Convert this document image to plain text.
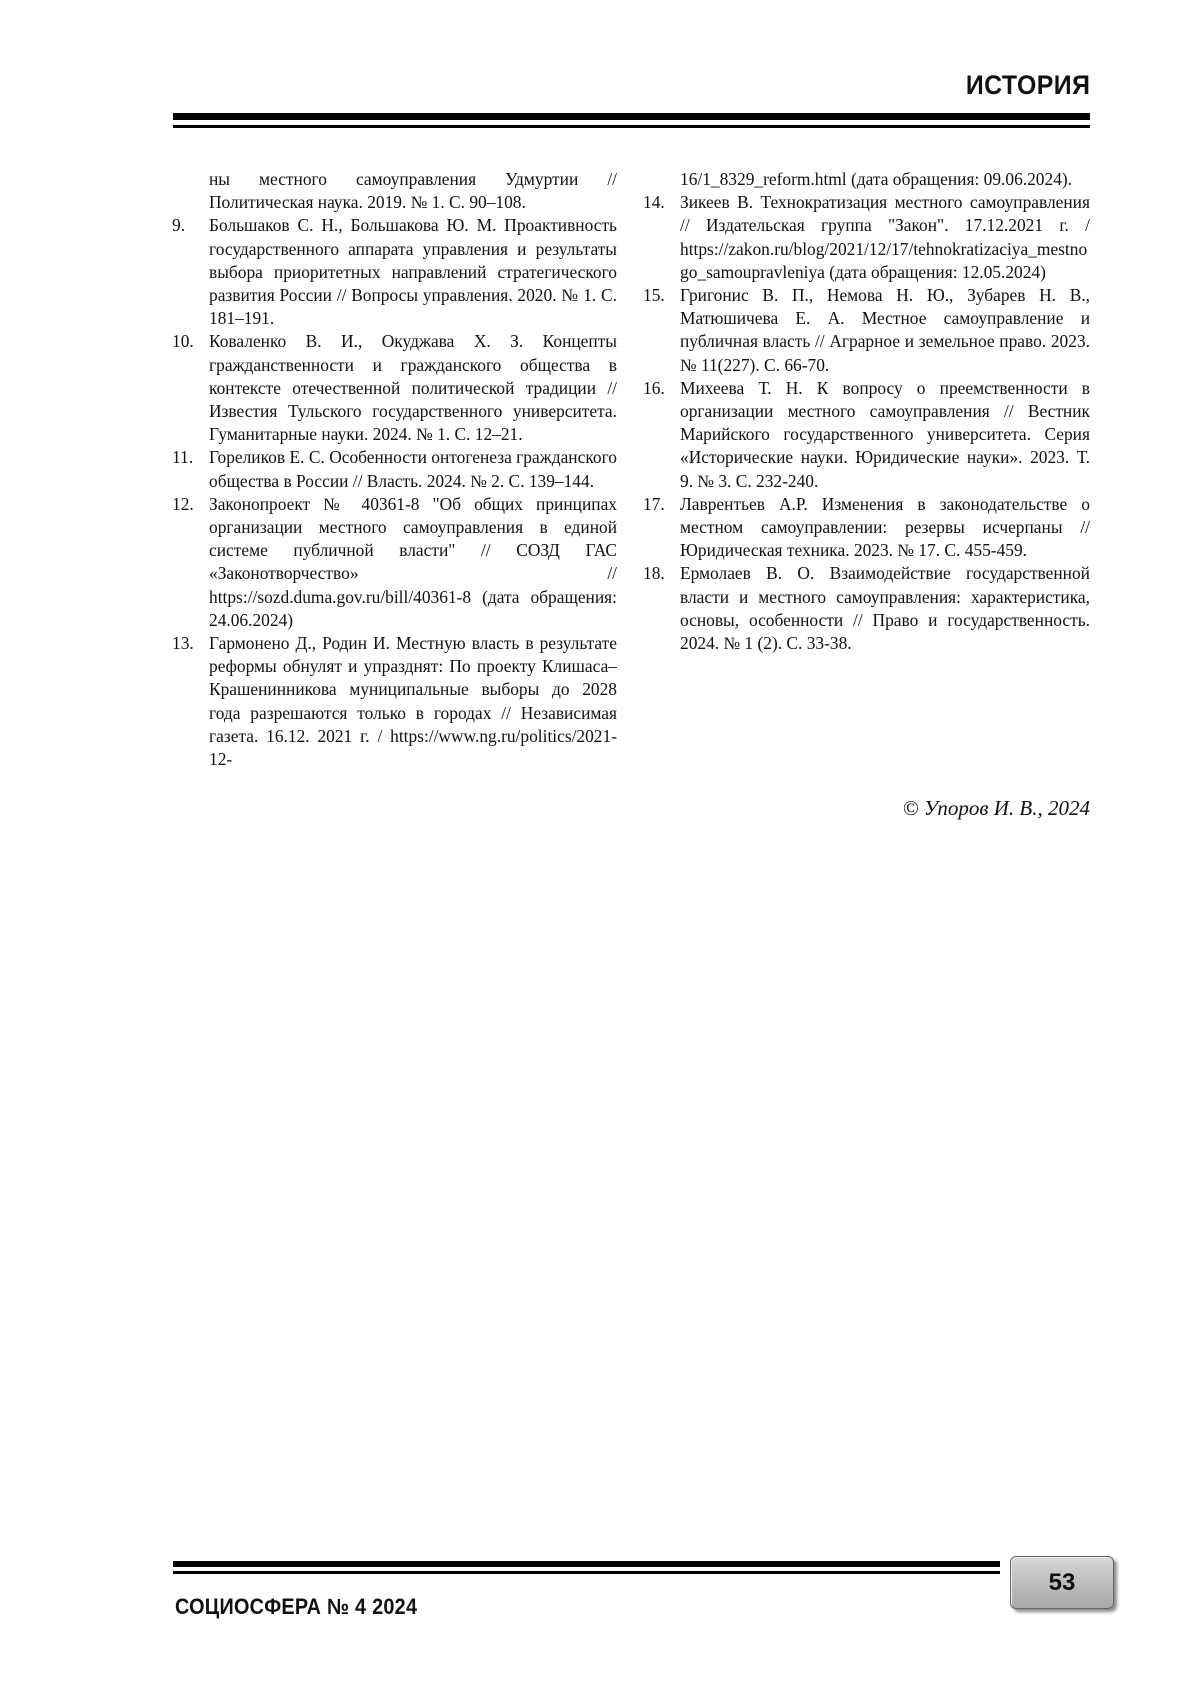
ИСТОРИЯ
ны местного самоуправления Удмуртии // Политическая наука. 2019. № 1. С. 90–108.
9.	Большаков С. Н., Большакова Ю. М. Проактивность государственного аппарата управления и результаты выбора приоритетных направлений стратегического развития России // Вопросы управления. 2020. № 1. С. 181–191.
10. Коваленко В. И., Окуджава Х. З. Концепты гражданственности и гражданского общества в контексте отечественной политической традиции // Известия Тульского государственного университета. Гуманитарные науки. 2024. № 1. С. 12–21.
11. Гореликов Е. С. Особенности онтогенеза гражданского общества в России // Власть. 2024. № 2. С. 139–144.
12. Законопроект № 40361-8 "Об общих принципах организации местного самоуправления в единой системе публичной власти" // СОЗД ГАС «Законотворчество» // https://sozd.duma.gov.ru/bill/40361-8 (дата обращения: 24.06.2024)
13. Гармонено Д., Родин И. Местную власть в результате реформы обнулят и упразднят: По проекту Клишаса–Крашенинникова муниципальные выборы до 2028 года разрешаются только в городах // Независимая газета. 16.12. 2021 г. / https://www.ng.ru/politics/2021-12-
16/1_8329_reform.html (дата обращения: 09.06.2024).
14. Зикеев В. Технократизация местного самоуправления // Издательская группа "Закон". 17.12.2021 г. / https://zakon.ru/blog/2021/12/17/tehnokratizaciya_mestnogo_samoupravleniya (дата обращения: 12.05.2024)
15. Григонис В. П., Немова Н. Ю., Зубарев Н. В., Матюшичева Е. А. Местное самоуправление и публичная власть // Аграрное и земельное право. 2023. № 11(227). С. 66‑70.
16. Михеева Т. Н. К вопросу о преемственности в организации местного самоуправления // Вестник Марийского государственного университета. Серия «Исторические науки. Юридические науки». 2023. Т. 9. № 3. С. 232‑240.
17. Лаврентьев А.Р. Изменения в законодательстве о местном самоуправлении: резервы исчерпаны // Юридическая техника. 2023. № 17. С. 455‑459.
18. Ермолаев В. О. Взаимодействие государственной власти и местного самоуправления: характеристика, основы, особенности // Право и государственность. 2024. № 1 (2). С. 33‑38.
© Упоров И. В., 2024
СОЦИОСФЕРА № 4 2024
53
